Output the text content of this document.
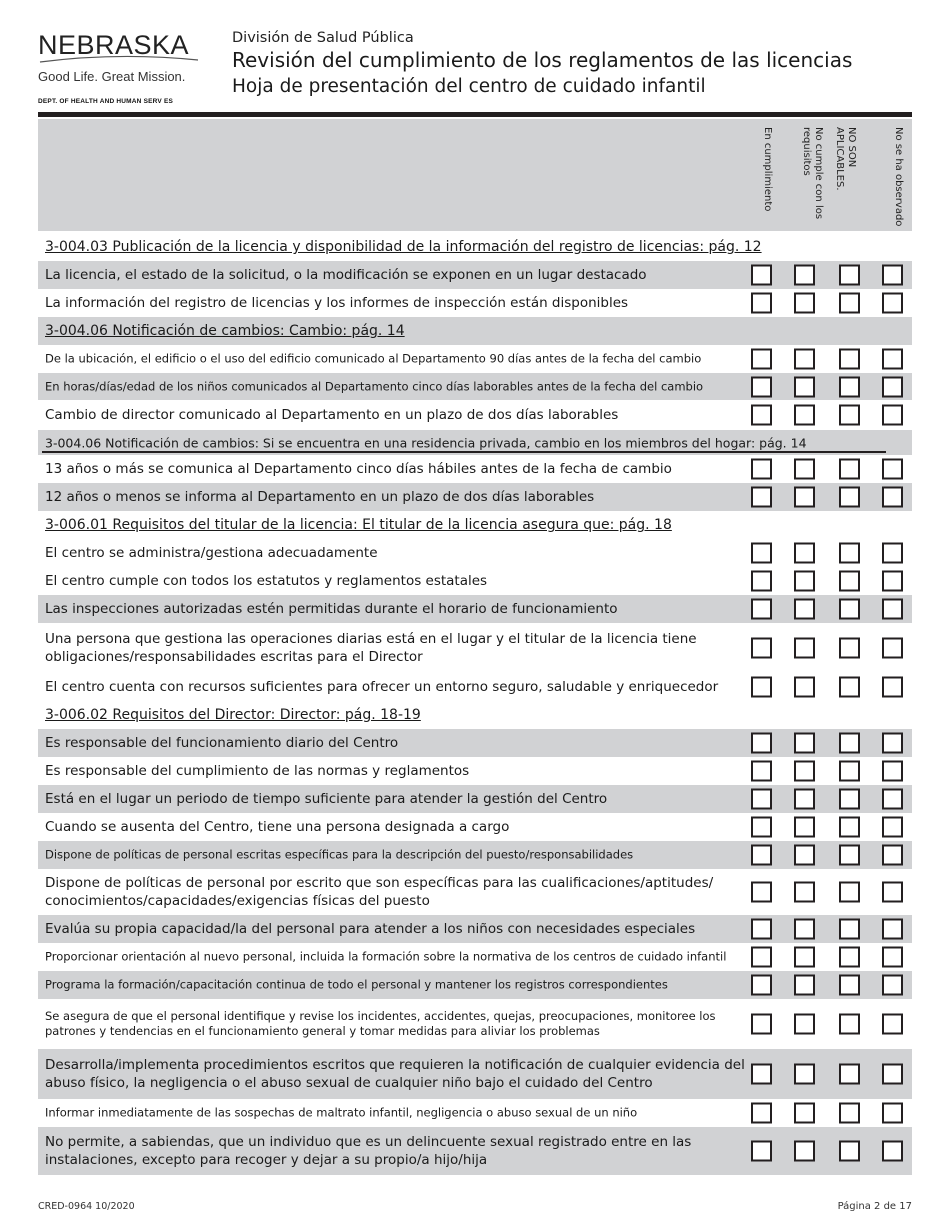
NEBRASKA
Good Life. Great Mission.
DEPT. OF HEALTH AND HUMAN SERV ES
División de Salud Pública
Revisión del cumplimiento de los reglamentos de las licencias
Hoja de presentación del centro de cuidado infantil
En cumplimiento	No cumple con los requisitos	NO SON APLICABLES.	No se ha observado
3-004.03 Publicación de la licencia y disponibilidad de la información del registro de licencias: pág. 12
La licencia, el estado de la solicitud, o la modificación se exponen en un lugar destacado
La información del registro de licencias y los informes de inspección están disponibles
3-004.06 Notificación de cambios: Cambio: pág. 14
De la ubicación, el edificio o el uso del edificio comunicado al Departamento 90 días antes de la fecha del cambio
En horas/días/edad de los niños comunicados al Departamento cinco días laborables antes de la fecha del cambio
Cambio de director comunicado al Departamento en un plazo de dos días laborables
3-004.06 Notificación de cambios: Si se encuentra en una residencia privada, cambio en los miembros del hogar: pág. 14
13 años o más se comunica al Departamento cinco días hábiles antes de la fecha de cambio
12 años o menos se informa al Departamento en un plazo de dos días laborables
3-006.01 Requisitos del titular de la licencia: El titular de la licencia asegura que: pág. 18
El centro se administra/gestiona adecuadamente
El centro cumple con todos los estatutos y reglamentos estatales
Las inspecciones autorizadas estén permitidas durante el horario de funcionamiento
Una persona que gestiona las operaciones diarias está en el lugar y el titular de la licencia tiene obligaciones/responsabilidades escritas para el Director
El centro cuenta con recursos suficientes para ofrecer un entorno seguro, saludable y enriquecedor
3-006.02 Requisitos del Director: Director: pág. 18-19
Es responsable del funcionamiento diario del Centro
Es responsable del cumplimiento de las normas y reglamentos
Está en el lugar un periodo de tiempo suficiente para atender la gestión del Centro
Cuando se ausenta del Centro, tiene una persona designada a cargo
Dispone de políticas de personal escritas específicas para la descripción del puesto/responsabilidades
Dispone de políticas de personal por escrito que son específicas para las cualificaciones/aptitudes/ conocimientos/capacidades/exigencias físicas del puesto
Evalúa su propia capacidad/la del personal para atender a los niños con necesidades especiales
Proporcionar orientación al nuevo personal, incluida la formación sobre la normativa de los centros de cuidado infantil
Programa la formación/capacitación continua de todo el personal y mantener los registros correspondientes
Se asegura de que el personal identifique y revise los incidentes, accidentes, quejas, preocupaciones, monitoree los patrones y tendencias en el funcionamiento general y tomar medidas para aliviar los problemas
Desarrolla/implementa procedimientos escritos que requieren la notificación de cualquier evidencia del abuso físico, la negligencia o el abuso sexual de cualquier niño bajo el cuidado del Centro
Informar inmediatamente de las sospechas de maltrato infantil, negligencia o abuso sexual de un niño
No permite, a sabiendas, que un individuo que es un delincuente sexual registrado entre en las instalaciones, excepto para recoger y dejar a su propio/a hijo/hija
CRED-0964 10/2020	Página 2 de 17
